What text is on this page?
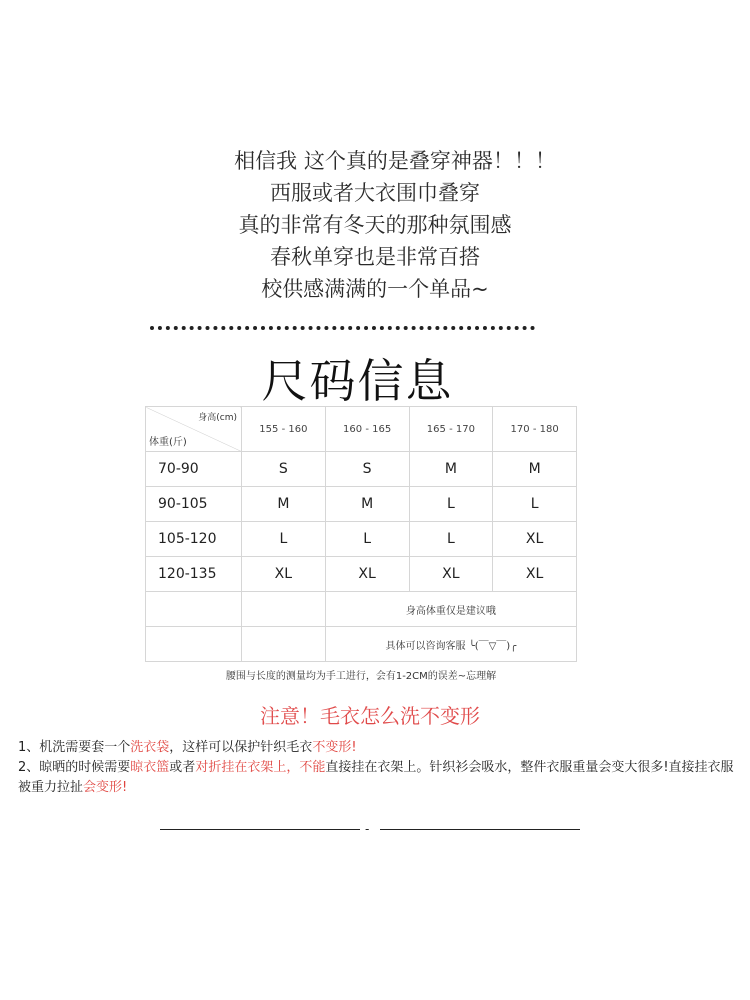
相信我 这个真的是叠穿神器！！！
西服或者大衣围巾叠穿
真的非常有冬天的那种氛围感
春秋单穿也是非常百搭
校供感满满的一个单品~
尺码信息
身高(cm)
体重(斤)	155 - 160	160 - 165	165 - 170	170 - 180
70-90	S	S	M	M
90-105	M	M	L	L
105-120	L	L	L	XL
120-135	XL	XL	XL	XL
		身高体重仅是建议哦		
		具体可以咨询客服 ╰(￣▽￣)╭		
腰围与长度的测量均为手工进行，会有1-2CM的误差~忘理解
注意！毛衣怎么洗不变形

1、机洗需要套一个洗衣袋，这样可以保护针织毛衣不变形!

2、晾晒的时候需要晾衣篮或者对折挂在衣架上，不能直接挂在衣架上。针织衫会吸水，整件衣服重量会变大很多!直接挂衣服被重力拉扯会变形!

-
